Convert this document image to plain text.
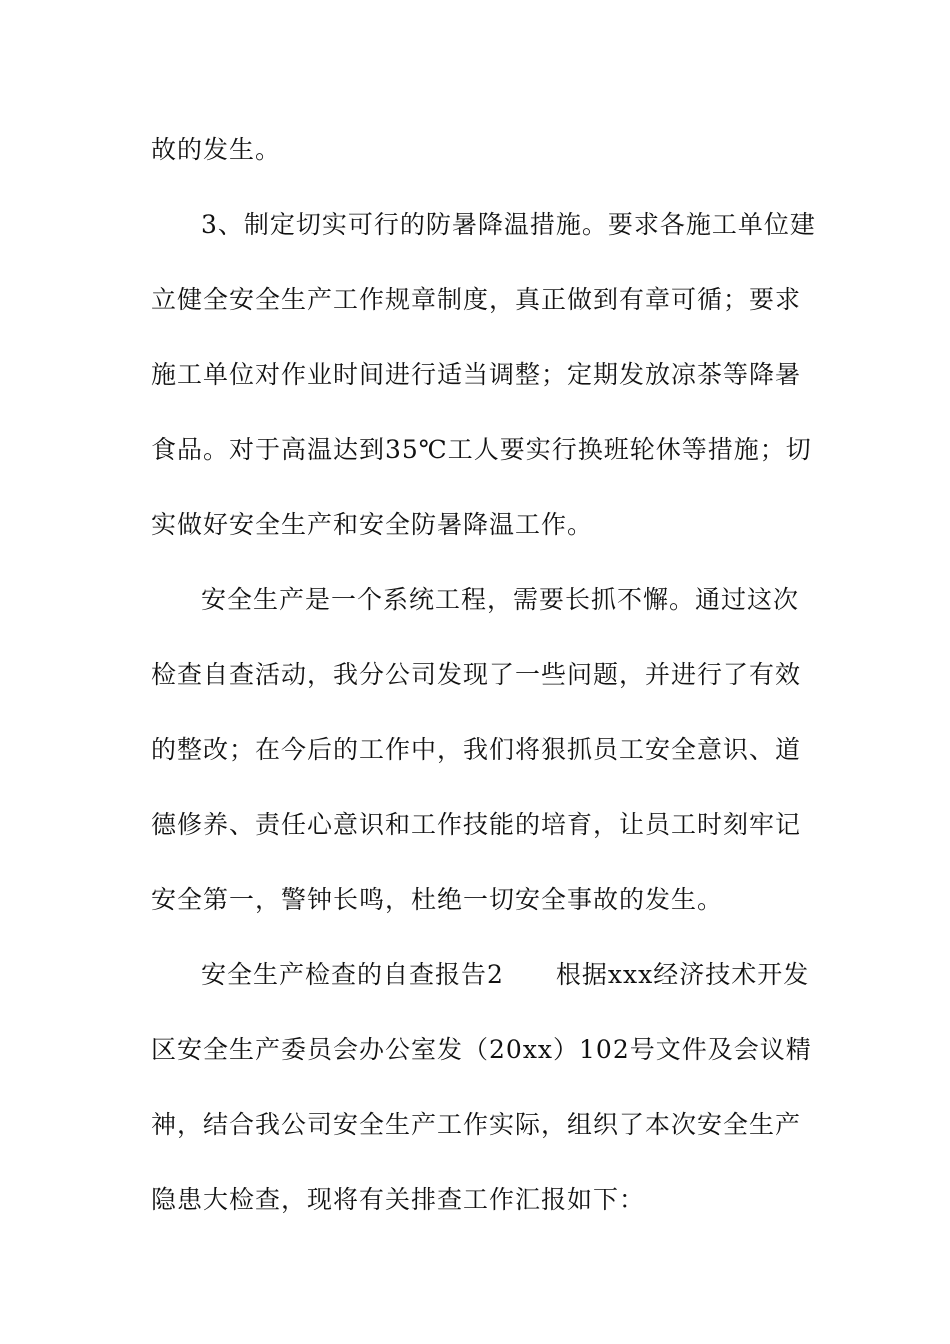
故的发生。
3、制定切实可行的防暑降温措施。要求各施工单位建
立健全安全生产工作规章制度，真正做到有章可循；要求
施工单位对作业时间进行适当调整；定期发放凉茶等降暑
食品。对于高温达到35℃工人要实行换班轮休等措施；切
实做好安全生产和安全防暑降温工作。
安全生产是一个系统工程，需要长抓不懈。通过这次
检查自查活动，我分公司发现了一些问题，并进行了有效
的整改；在今后的工作中，我们将狠抓员工安全意识、道
德修养、责任心意识和工作技能的培育，让员工时刻牢记
安全第一，警钟长鸣，杜绝一切安全事故的发生。
安全生产检查的自查报告2　　根据xxx经济技术开发
区安全生产委员会办公室发（20xx）102号文件及会议精
神，结合我公司安全生产工作实际，组织了本次安全生产
隐患大检查，现将有关排查工作汇报如下：
